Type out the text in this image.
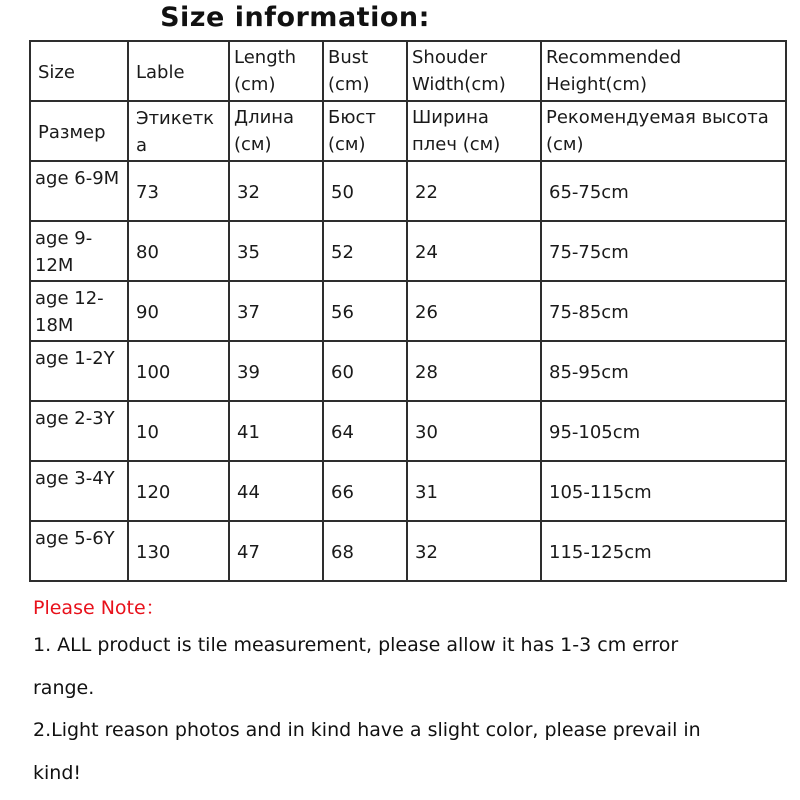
Size information:
Size	Lable	Length (cm)	Bust (cm)	Shouder Width(cm)	Recommended Height(cm)
Размер	Этикетка	Длина (см)	Бюст (см)	Ширина плеч (см)	Рекомендуемая высота (см)
age 6-9M	73	32	50	22	65-75cm
age 9-12M	80	35	52	24	75-75cm
age 12-18M	90	37	56	26	75-85cm
age 1-2Y	100	39	60	28	85-95cm
age 2-3Y	10	41	64	30	95-105cm
age 3-4Y	120	44	66	31	105-115cm
age 5-6Y	130	47	68	32	115-125cm
Please Note：

1. ALL product is tile measurement, please allow it has 1-3 cm error

range.

2.Light reason photos and in kind have a slight color, please prevail in

kind!
